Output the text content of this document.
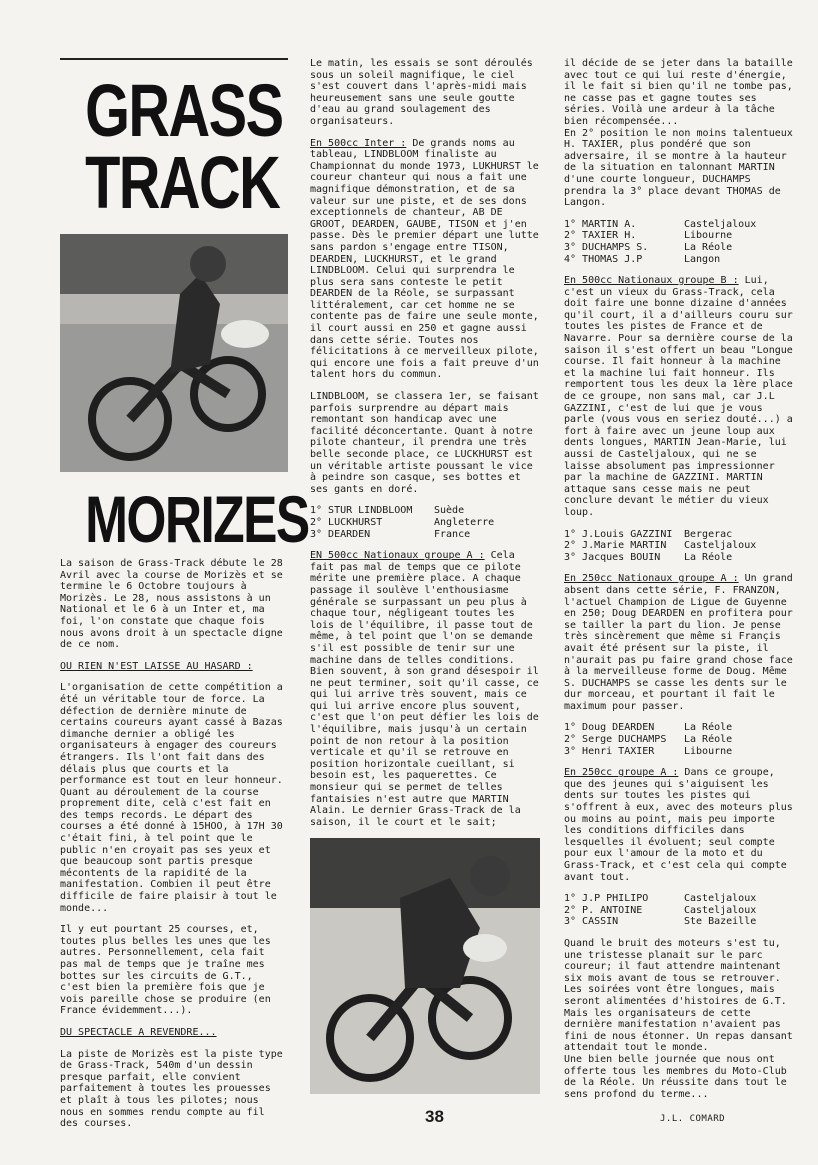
GRASS
TRACK
MORIZES

La saison de Grass-Track débute le 28 Avril avec la course de Morizès et se termine le 6 Octobre toujours à Morizès. Le 28, nous assistons à un National et le 6 à un Inter et, ma foi, l'on constate que chaque fois nous avons droit à un spectacle digne de ce nom.

OU RIEN N'EST LAISSE AU HASARD :

L'organisation de cette compétition a été un véritable tour de force. La défection de dernière minute de certains coureurs ayant cassé à Bazas dimanche dernier a obligé les organisateurs à engager des coureurs étrangers. Ils l'ont fait dans des délais plus que courts et la performance est tout en leur honneur. Quant au déroulement de la course proprement dite, celà c'est fait en des temps records. Le départ des courses a été donné à 15HOO, à 17H 30 c'était fini, à tel point que le public n'en croyait pas ses yeux et que beaucoup sont partis presque mécontents de la rapidité de la manifestation. Combien il peut être difficile de faire plaisir à tout le monde...

Il y eut pourtant 25 courses, et, toutes plus belles les unes que les autres. Personnellement, cela fait pas mal de temps que je traîne mes bottes sur les circuits de G.T., c'est bien la première fois que je vois pareille chose se produire (en France évidemment...).

DU SPECTACLE A REVENDRE...

La piste de Morizès est la piste type de Grass-Track, 540m d'un dessin presque parfait, elle convient parfaitement à toutes les prouesses et plaît à tous les pilotes; nous nous en sommes rendu compte au fil des courses.

Le matin, les essais se sont déroulés sous un soleil magnifique, le ciel s'est couvert dans l'après-midi mais heureusement sans une seule goutte d'eau au grand soulagement des organisateurs.

En 500cc Inter : De grands noms au tableau, LINDBLOOM finaliste au Championnat du monde 1973, LUKHURST le coureur chanteur qui nous a fait une magnifique démonstration, et de sa valeur sur une piste, et de ses dons exceptionnels de chanteur, AB DE GROOT, DEARDEN, GAUBE, TISON et j'en passe. Dès le premier départ une lutte sans pardon s'engage entre TISON, DEARDEN, LUCKHURST, et le grand LINDBLOOM. Celui qui surprendra le plus sera sans conteste le petit DEARDEN de la Réole, se surpassant littéralement, car cet homme ne se contente pas de faire une seule monte, il court aussi en 250 et gagne aussi dans cette série. Toutes nos félicitations à ce merveilleux pilote, qui encore une fois a fait preuve d'un talent hors du commun.

LINDBLOOM, se classera 1er, se faisant parfois surprendre au départ mais remontant son handicap avec une facilité déconcertante. Quant à notre pilote chanteur, il prendra une très belle seconde place, ce LUCKHURST est un véritable artiste poussant le vice à peindre son casque, ses bottes et ses gants en doré.

1° STUR LINDBLOOM	Suède
2° LUCKHURST	Angleterre
3° DEARDEN	France

EN 500cc Nationaux groupe A : Cela fait pas mal de temps que ce pilote mérite une première place. A chaque passage il soulève l'enthousiasme générale se surpassant un peu plus à chaque tour, négligeant toutes les lois de l'équilibre, il passe tout de même, à tel point que l'on se demande s'il est possible de tenir sur une machine dans de telles conditions. Bien souvent, à son grand désespoir il ne peut terminer, soit qu'il casse, ce qui lui arrive très souvent, mais ce qui lui arrive encore plus souvent, c'est que l'on peut défier les lois de l'équilibre, mais jusqu'à un certain point de non retour à la position verticale et qu'il se retrouve en position horizontale cueillant, si besoin est, les paquerettes. Ce monsieur qui se permet de telles fantaisies n'est autre que MARTIN Alain. Le dernier Grass-Track de la saison, il le court et le sait;

il décide de se jeter dans la bataille avec tout ce qui lui reste d'énergie, il le fait si bien qu'il ne tombe pas, ne casse pas et gagne toutes ses séries. Voilà une ardeur à la tâche bien récompensée...

En 2° position le non moins talentueux H. TAXIER, plus pondéré que son adversaire, il se montre à la hauteur de la situation en talonnant MARTIN d'une courte longueur, DUCHAMPS prendra la 3° place devant THOMAS de Langon.

1° MARTIN A.	Casteljaloux
2° TAXIER H.	Libourne
3° DUCHAMPS S.	La Réole
4° THOMAS J.P	Langon

En 500cc Nationaux groupe B : Lui, c'est un vieux du Grass-Track, cela doit faire une bonne dizaine d'années qu'il court, il a d'ailleurs couru sur toutes les pistes de France et de Navarre. Pour sa dernière course de la saison il s'est offert un beau "Longue course. Il fait honneur à la machine et la machine lui fait honneur. Ils remportent tous les deux la 1ère place de ce groupe, non sans mal, car J.L GAZZINI, c'est de lui que je vous parle (vous vous en seriez douté...) a fort à faire avec un jeune loup aux dents longues, MARTIN Jean-Marie, lui aussi de Casteljaloux, qui ne se laisse absolument pas impressionner par la machine de GAZZINI. MARTIN attaque sans cesse mais ne peut conclure devant le métier du vieux loup.

1° J.Louis GAZZINI	Bergerac
2° J.Marie MARTIN	Casteljaloux
3° Jacques BOUIN	La Réole

En 250cc Nationaux groupe A : Un grand absent dans cette série, F. FRANZON, l'actuel Champion de Ligue de Guyenne en 250; Doug DEARDEN en profitera pour se tailler la part du lion. Je pense très sincèrement que même si Françis avait été présent sur la piste, il n'aurait pas pu faire grand chose face à la merveilleuse forme de Doug. Même S. DUCHAMPS se casse les dents sur le dur morceau, et pourtant il fait le maximum pour passer.

1° Doug DEARDEN	La Réole
2° Serge DUCHAMPS	La Réole
3° Henri TAXIER	Libourne

En 250cc groupe A : Dans ce groupe, que des jeunes qui s'aiguisent les dents sur toutes les pistes qui s'offrent à eux, avec des moteurs plus ou moins au point, mais peu importe les conditions difficiles dans lesquelles il évoluent; seul compte pour eux l'amour de la moto et du Grass-Track, et c'est cela qui compte avant tout.

1° J.P PHILIPO	Casteljaloux
2° P. ANTOINE	Casteljaloux
3° CASSIN	Ste Bazeille

Quand le bruit des moteurs s'est tu, une tristesse planait sur le parc coureur; il faut attendre maintenant six mois avant de tous se retrouver. Les soirées vont être longues, mais seront alimentées d'histoires de G.T. Mais les organisateurs de cette dernière manifestation n'avaient pas fini de nous étonner. Un repas dansant attendait tout le monde.

Une bien belle journée que nous ont offerte tous les membres du Moto-Club de la Réole. Un réussite dans tout le sens profond du terme...

J.L. COMARD
38
